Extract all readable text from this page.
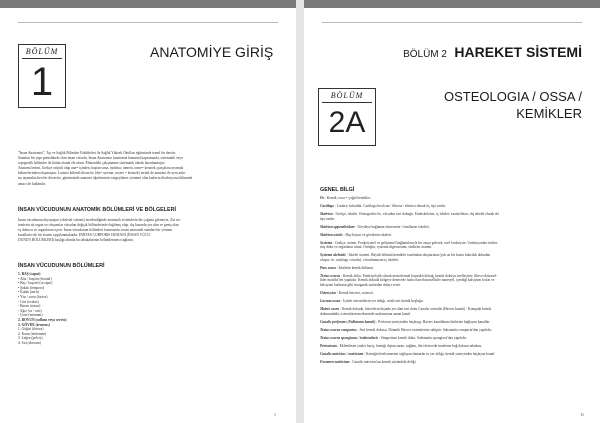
BÖLÜM
1
ANATOMİYE GİRİŞ
"İnsan Anatomisi", Tıp ve Sağlık Bilimleri Fakülteleri ile Sağlık Yüksek Okulları eğitiminde temel bir derstir.
Standart bir yapı prensibinde olan insan vücudu, İnsan Anatomisi (anatomia humana) kapsamında, sistematik veya
topografik bölümler ile bütün olarak ele alınır. Elimizdeki çalışmamız sistematik olarak hazırlanmıştır.
Anatomi terimi, Grekçe orijinli olup ana= içinden, baştan sona, ayrılma; tomein, tome= kesmek; parçalara ayırmak
kelimelerinden oluşmuştur. Latince kökenli dissectio (dis= ayırma, secare = kesmek) terimi de anatomi ile aynı anla-
mı taşımakta ben bir dissectio, günümüzde anatomi öğretiminin vazgeçilmez yöntemi olan kadavra diseksiyonu bilinmek
amacı ile kullanılır.
İNSAN VÜCUDUNUN ANATOMİK BÖLÜMLERİ VE BÖLGELERİ
İnsan vücudunun duyuyapısı (skeletal sistemi) incelendiğinde anatomik sistemlerin bir çoğunu görmeyiz. Ziz sis-
temlerin ait organ ve oluşumlar vücudun değişik bölümlerinde dağılmış olup, dış kısımda yer alan ve geniş olan
eş dokuvu ve organlarını içerir. İnsan vücudunun bölümleri konusunda, insan anatomik standart bir yöntem
kurallarla tek bir sistem uygulanmaktadır. PARTES CORPORIS HUMANI (İNSAN VÜCU-
DUNUN BÖLÜMLERİ) başlığı altında bu tabakalarının bölümlenmesi sağlanır.
İNSAN VÜCUDUNUN BÖLÜMLERİ
1. BAŞ (caput)
• Alın / başörü (frontal)
• Baş / kaşarel (occiput)
• Şakak (temporo)
• Kulak (auris)
• Yüz / surat (facies)
- Göz (oculus)
- Burun (nasus)
- Ağız (os / oris)
- Çene (mentum)
2. BOYUN (collum veya cervix)
3. GÖVDE (truncus)
1. Göğüs (thorax)
2. Karın (abdomen)
3. Leğen (pelvis)
4. Sırt (dorsum)
1
BÖLÜM 2 HAREKET SİSTEMİ
BÖLÜM
2A
OSTEOLOGIA / OSSA /
KEMİKLER
GENEL BİLGİ
Os : Kemik; ossa = çoğul kemikler.
Cartilago : Latince, kıkırdak. Cartilago kıvılcım / fibrosa / elastica olmak üç tipi vardır.
Skeleton : Grekçe, iskelet. Osteografisi ile, vücudun sert dokuğu. Endoskeleton, iç iskelet; exoskeleton, dış iskelet olarak iki
tipi vardır.
Skeleton appendiculare : Gövdeye bağlanan ekstremite / taraflarını iskeleti.
Skeleton axiale : Baş-boyun ve gövdenin iskeleti.
Systema : Grekçe, sistem. Fonksiyonel ve gelişimsel bağlantılarıyla bir araya gelerek, özel fonksiyon / fonksiyonları üstlen-
miş doku ve organların tümü. Örneğin, systema digestorium, sindirim sistemi.
Systema skeletale : İskelet sistemi. Büyük bölümü kemikler tarafından oluşturulan (çok az bir kısmı kıkırdak dokudan
oluşur; ör: cartilago costalis), vücudumuzun iç iskeleti.
Pars ossea : İskeletin kemik bölümü.
Textus osseus : Kemik doku. Embriyolojik olarak mezodermal kaynaklı dokuğ, kemik dokuyu özelleştirir; fibrve ekstrasel-
lüler matriks'ten yapılıdır. Kemik dokuda bölgeye denecede fazla olan ekstrasellüler materyel, içerdiği kalsiyum fosfat ve
kalsiyum karbonat gibi inorganik tuzlardan dolayı sertir.
Osteocytus : Kemik hücresi, osteosit.
Lacuna ossea : İçinde osteositlerin yer aldığı, ortalı sert kemik boşluğu.
Matrix ossea : Kemik dokuda, hücrelerin dışında yer alan sert doku Canalis centralis (Havers kanalı) : Kompakt kemik
dokunundaki, osteonların merkezinde uzalımasına sanan kanal.
Canalis perforans (Volkmann kanalı) : Perforan yüzeyinden başlayıp, Havers kanallarına birbirine bağlayan kanallar.
Textus osseus compactus : Sert kemik dokusu. Dönmik Havers sistemlerine sahiptir. Substantia compacta'dan yapılıdır.
Textus osseus spongiosus / trabecularis : Süngerimsi kemik doku. Substantia spongiosa'dan yapılıdır.
Periosteum : Eklemlesen yüzler hariç, kemiği dıştan saran, sağlam, ileri derecede inneleme bağ dokusu tabakası.
Canalis nutricius / nutricium : Kemiğin beslenmesini sağlayan damarlar ın yer aldığı, kemik yüzeyinden başlayan kanal.
Foramen nutricium : Canalis nutricius'un kemik yüzündeki deliği.
11
